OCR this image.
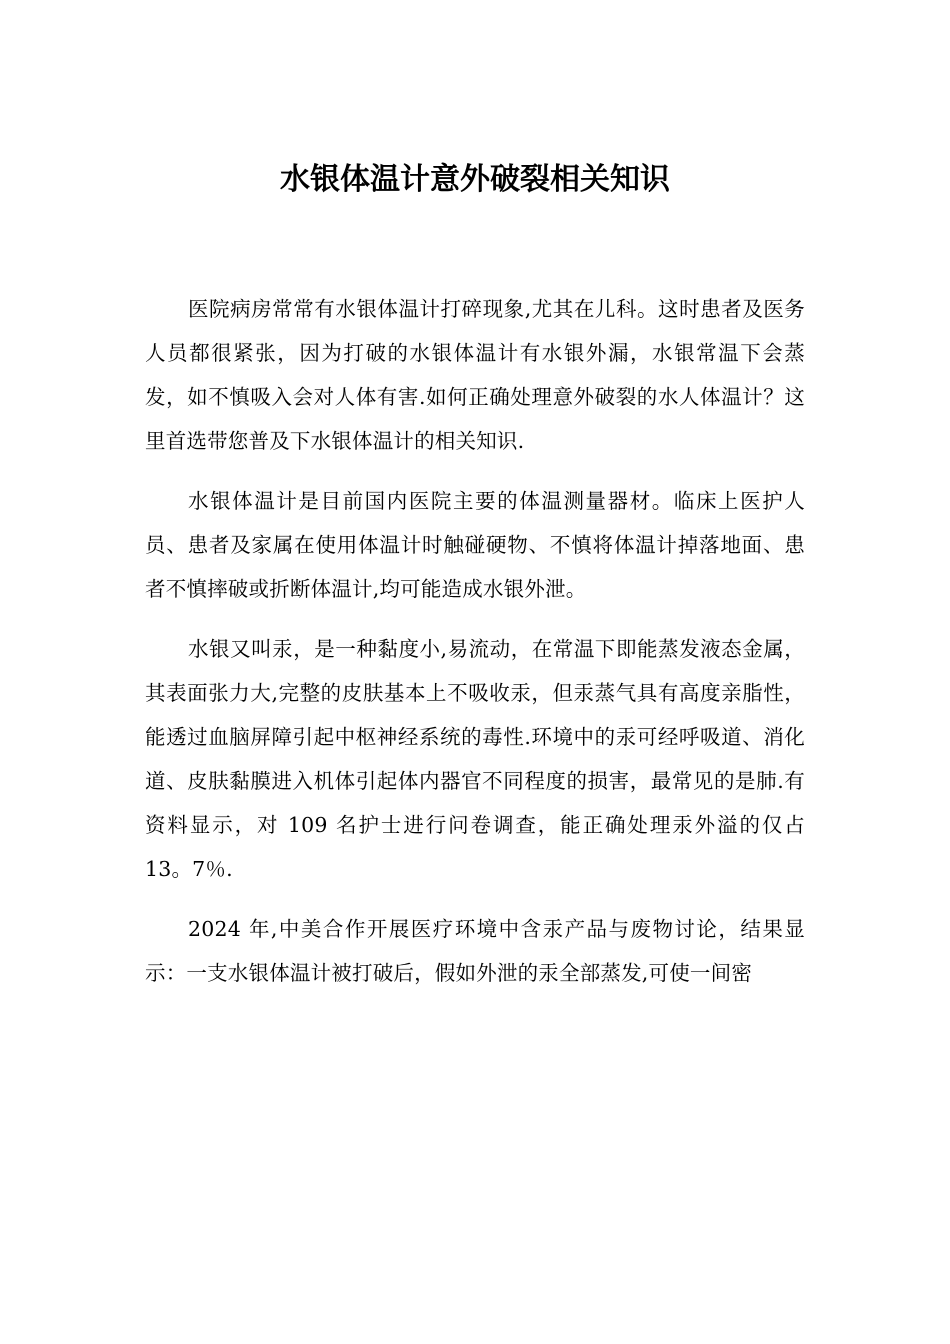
水银体温计意外破裂相关知识

医院病房常常有水银体温计打碎现象,尤其在儿科。这时患者及医务人员都很紧张，因为打破的水银体温计有水银外漏，水银常温下会蒸发，如不慎吸入会对人体有害.如何正确处理意外破裂的水人体温计？这里首选带您普及下水银体温计的相关知识.

水银体温计是目前国内医院主要的体温测量器材。临床上医护人员、患者及家属在使用体温计时触碰硬物、不慎将体温计掉落地面、患者不慎摔破或折断体温计,均可能造成水银外泄。

水银又叫汞，是一种黏度小,易流动，在常温下即能蒸发液态金属，其表面张力大,完整的皮肤基本上不吸收汞，但汞蒸气具有高度亲脂性，能透过血脑屏障引起中枢神经系统的毒性.环境中的汞可经呼吸道、消化道、皮肤黏膜进入机体引起体内器官不同程度的损害，最常见的是肺.有资料显示，对 109 名护士进行问卷调查，能正确处理汞外溢的仅占 13。7％.

2024 年,中美合作开展医疗环境中含汞产品与废物讨论，结果显示：一支水银体温计被打破后，假如外泄的汞全部蒸发,可使一间密
